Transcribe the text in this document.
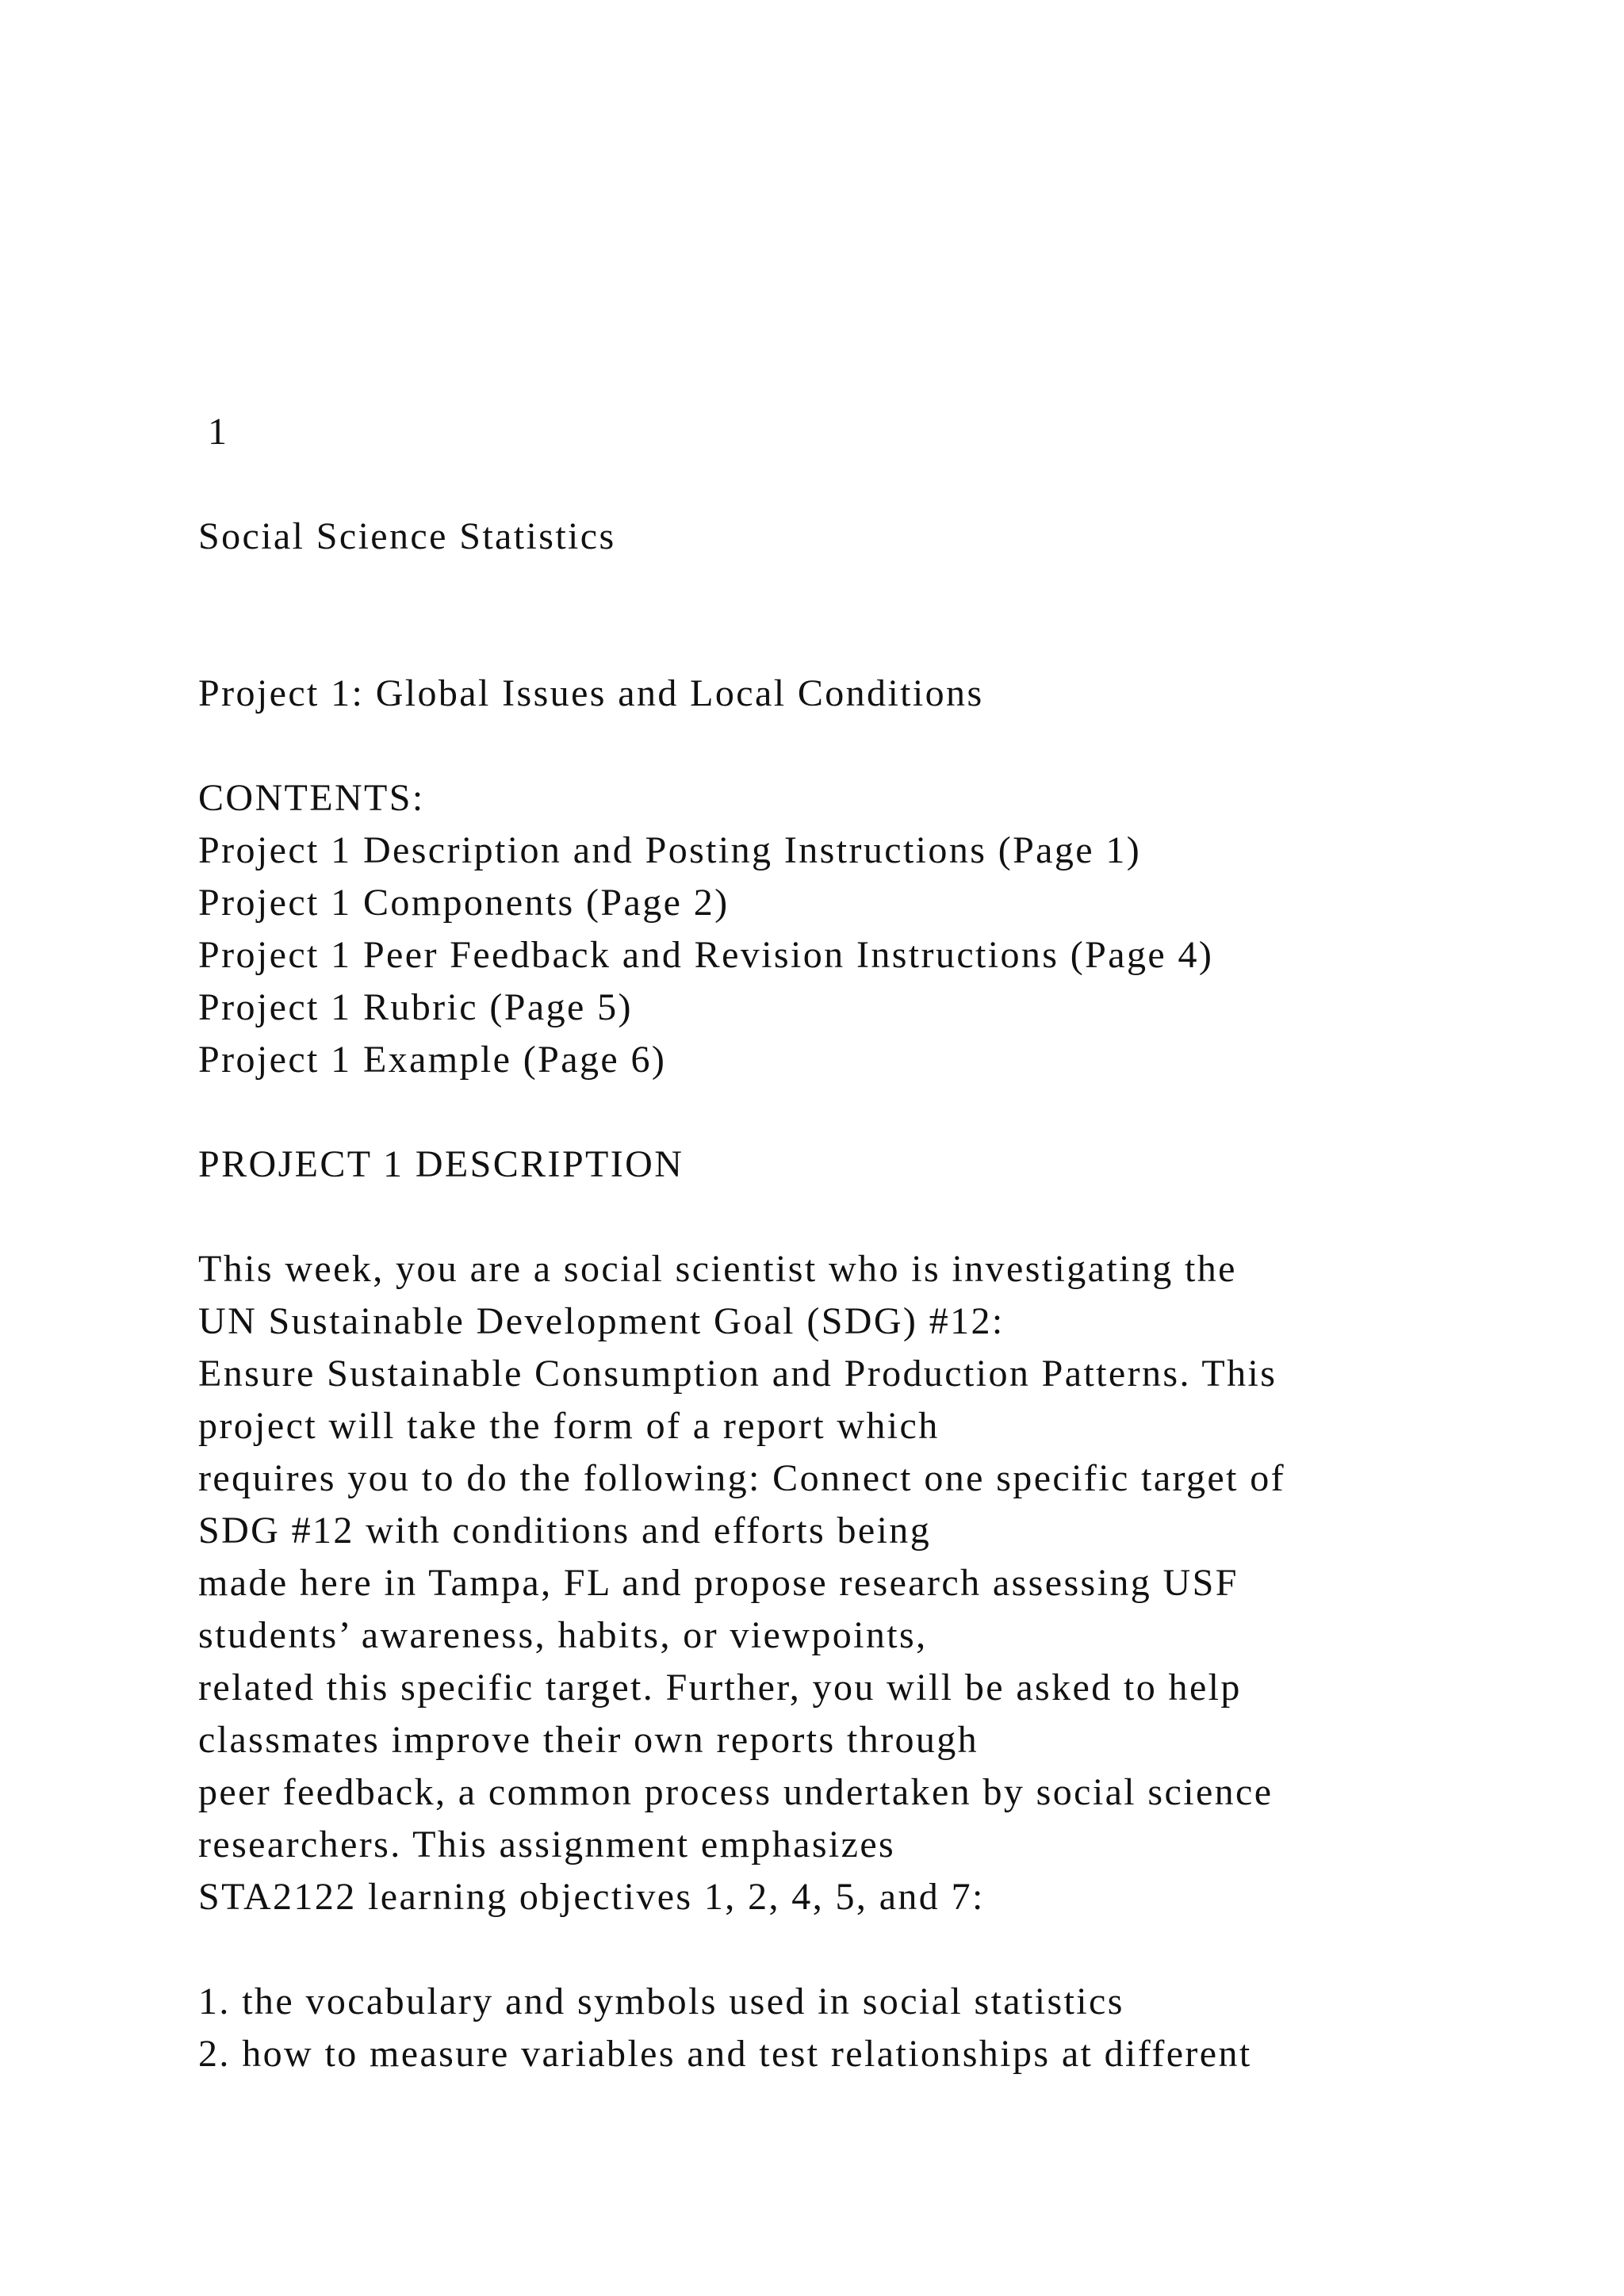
1
Social Science Statistics
Project 1: Global Issues and Local Conditions
CONTENTS:
Project 1 Description and Posting Instructions (Page 1)
Project 1 Components (Page 2)
Project 1 Peer Feedback and Revision Instructions (Page 4)
Project 1 Rubric (Page 5)
Project 1 Example (Page 6)
PROJECT 1 DESCRIPTION
This week, you are a social scientist who is investigating the
UN Sustainable Development Goal (SDG) #12:
Ensure Sustainable Consumption and Production Patterns. This
project will take the form of a report which
requires you to do the following: Connect one specific target of
SDG #12 with conditions and efforts being
made here in Tampa, FL and propose research assessing USF
students’ awareness, habits, or viewpoints,
related this specific target. Further, you will be asked to help
classmates improve their own reports through
peer feedback, a common process undertaken by social science
researchers. This assignment emphasizes
STA2122 learning objectives 1, 2, 4, 5, and 7:
1. the vocabulary and symbols used in social statistics
2. how to measure variables and test relationships at different
